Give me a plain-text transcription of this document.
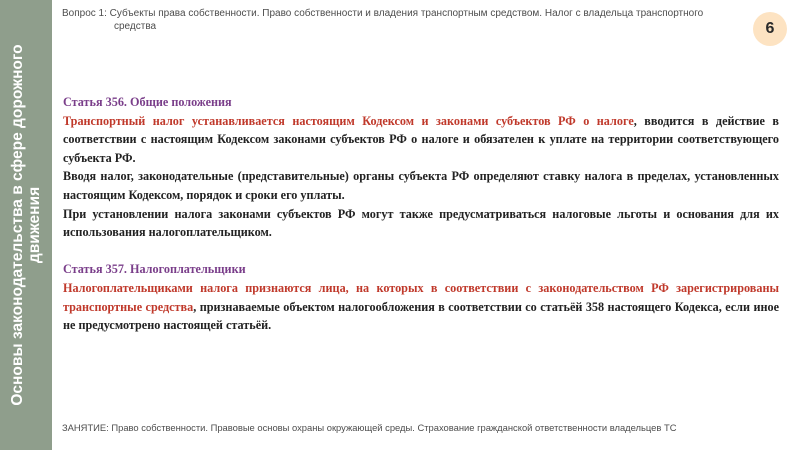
Основы законодательства в сфере дорожного движения
Вопрос 1: Субъекты права собственности. Право собственности и владения транспортным средством. Налог с владельца транспортного
средства	6

Статья 356. Общие положения

Транспортный налог устанавливается настоящим Кодексом и законами субъектов РФ о налоге, вводится в действие в соответствии с настоящим Кодексом законами субъектов РФ о налоге и обязателен к уплате на территории соответствующего субъекта РФ.

Вводя налог, законодательные (представительные) органы субъекта РФ определяют ставку налога в пределах, установленных настоящим Кодексом, порядок и сроки его уплаты.

При установлении налога законами субъектов РФ могут также предусматриваться налоговые льготы и основания для их использования налогоплательщиком.

Статья 357. Налогоплательщики

Налогоплательщиками налога признаются лица, на которых в соответствии с законодательством РФ зарегистрированы транспортные средства, признаваемые объектом налогообложения в соответствии со статьёй 358 настоящего Кодекса, если иное не предусмотрено настоящей статьёй.

ЗАНЯТИЕ: Право собственности. Правовые основы охраны окружающей среды. Страхование гражданской ответственности владельцев ТС
